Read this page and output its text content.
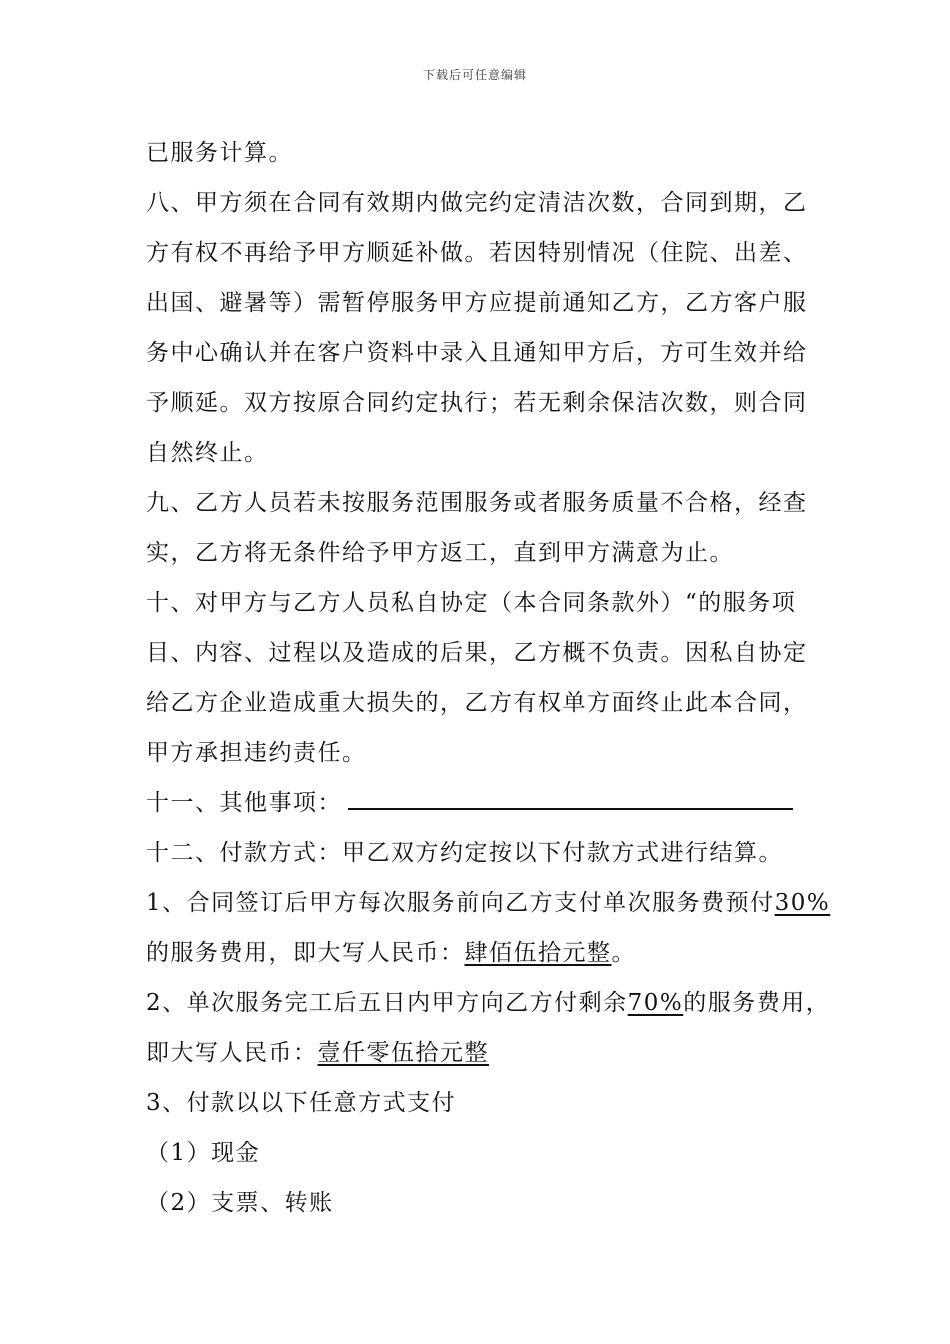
下载后可任意编辑
已服务计算。
八、甲方须在合同有效期内做完约定清洁次数，合同到期，乙
方有权不再给予甲方顺延补做。若因特别情况（住院、出差、
出国、避暑等）需暂停服务甲方应提前通知乙方，乙方客户服
务中心确认并在客户资料中录入且通知甲方后，方可生效并给
予顺延。双方按原合同约定执行；若无剩余保洁次数，则合同
自然终止。
九、乙方人员若未按服务范围服务或者服务质量不合格，经查
实，乙方将无条件给予甲方返工，直到甲方满意为止。
十、对甲方与乙方人员私自协定（本合同条款外）“的服务项
目、内容、过程以及造成的后果，乙方概不负责。因私自协定
给乙方企业造成重大损失的，乙方有权单方面终止此本合同，
甲方承担违约责任。
十一、其他事项：
十二、付款方式：甲乙双方约定按以下付款方式进行结算。
1、合同签订后甲方每次服务前向乙方支付单次服务费预付30%
的服务费用，即大写人民币：肆佰伍拾元整。
2、单次服务完工后五日内甲方向乙方付剩余70%的服务费用，
即大写人民币：壹仟零伍拾元整
3、付款以以下任意方式支付
（1）现金
（2）支票、转账
